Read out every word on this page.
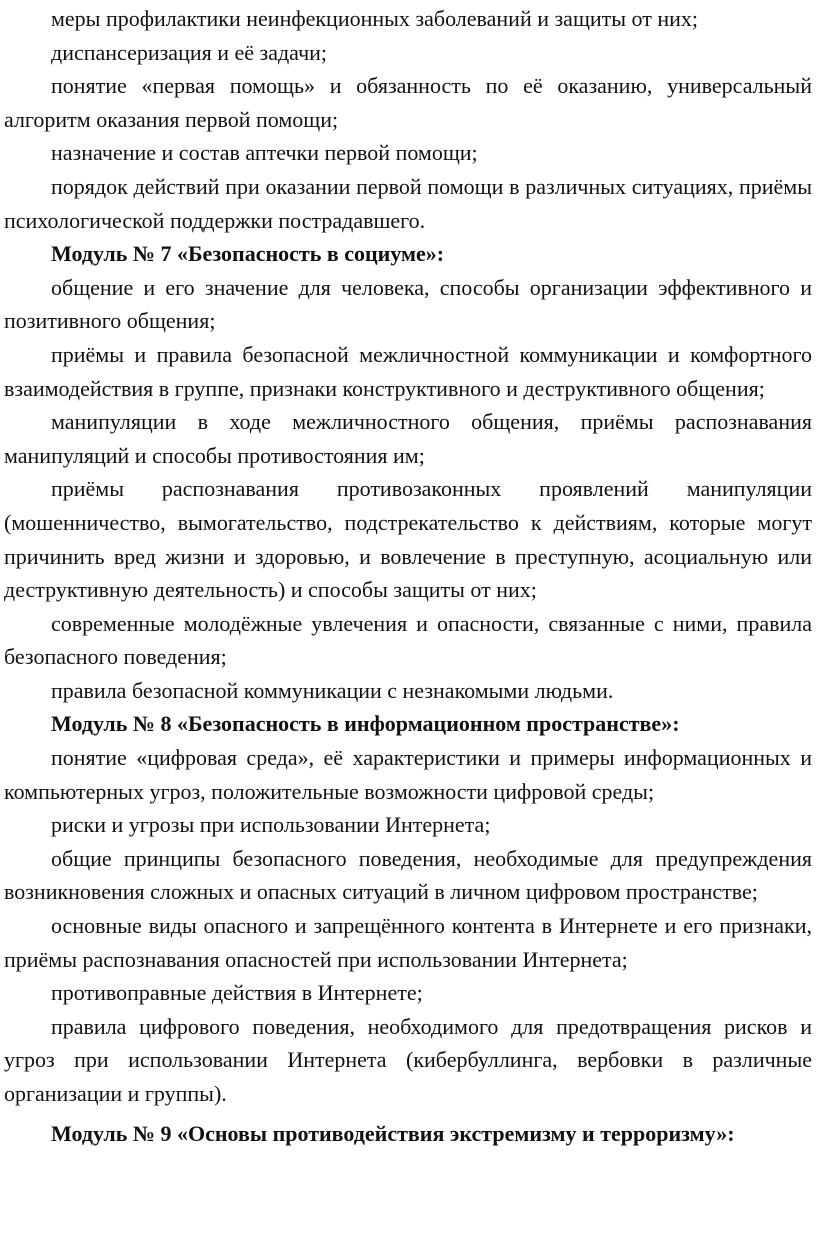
меры профилактики неинфекционных заболеваний и защиты от них;

диспансеризация и её задачи;

понятие «первая помощь» и обязанность по её оказанию, универсальный алгоритм оказания первой помощи;

назначение и состав аптечки первой помощи;

порядок действий при оказании первой помощи в различных ситуациях, приёмы психологической поддержки пострадавшего.

Модуль № 7 «Безопасность в социуме»:

общение и его значение для человека, способы организации эффективного и позитивного общения;

приёмы и правила безопасной межличностной коммуникации и комфортного взаимодействия в группе, признаки конструктивного и деструктивного общения;

манипуляции в ходе межличностного общения, приёмы распознавания манипуляций и способы противостояния им;

приёмы распознавания противозаконных проявлений манипуляции (мошенничество, вымогательство, подстрекательство к действиям, которые могут причинить вред жизни и здоровью, и вовлечение в преступную, асоциальную или деструктивную деятельность) и способы защиты от них;

современные молодёжные увлечения и опасности, связанные с ними, правила безопасного поведения;

правила безопасной коммуникации с незнакомыми людьми.

Модуль № 8 «Безопасность в информационном пространстве»:

понятие «цифровая среда», её характеристики и примеры информационных и компьютерных угроз, положительные возможности цифровой среды;

риски и угрозы при использовании Интернета;

общие принципы безопасного поведения, необходимые для предупреждения возникновения сложных и опасных ситуаций в личном цифровом пространстве;

основные виды опасного и запрещённого контента в Интернете и его признаки, приёмы распознавания опасностей при использовании Интернета;

противоправные действия в Интернете;

правила цифрового поведения, необходимого для предотвращения рисков и угроз при использовании Интернета (кибербуллинга, вербовки в различные организации и группы).

Модуль № 9 «Основы противодействия экстремизму и терроризму»:
